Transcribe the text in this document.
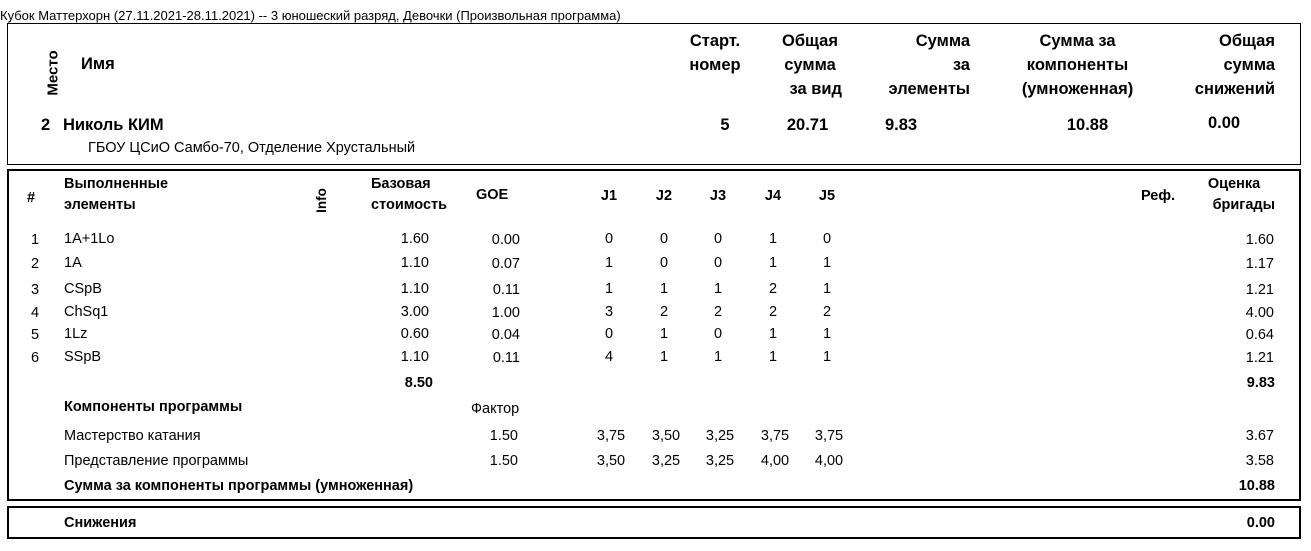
Кубок Маттерхорн (27.11.2021-28.11.2021) -- 3 юношеский разряд, Девочки (Произвольная программа)
Место Имя
Старт.
номер
Общая
сумма
за вид
Сумма
за
элементы
Сумма за
компоненты
(умноженная)
Общая
сумма
снижений
2 Николь КИМ
ГБОУ ЦСиО Самбо-70, Отделение Хрустальный
5	20.71	9.83	10.88	0.00
#
Выполненные
элементы	Info
Базовая
стоимость
GOE	J1	J2	J3	J4	J5	Реф.
Оценка
бригады
1 1A+1Lo	1.60	0.00	0	0	0	1	0	1.60
2 1A	1.10	0.07	1	0	0	1	1	1.17
3 CSpB	1.10	0.11	1	1	1	2	1	1.21
4 ChSq1	3.00	1.00	3	2	2	2	2	4.00
5 1Lz	0.60	0.04	0	1	0	1	1	0.64
6 SSpB	1.10	0.11	4	1	1	1	1	1.21
8.50	9.83
Компоненты программы	Фактор
Мастерство катания	1.50	3,75	3,50	3,25	3,75	3,75	3.67
Представление программы	1.50	3,50	3,25	3,25	4,00	4,00	3.58
Сумма за компоненты программы (умноженная)	10.88
Снижения	0.00
